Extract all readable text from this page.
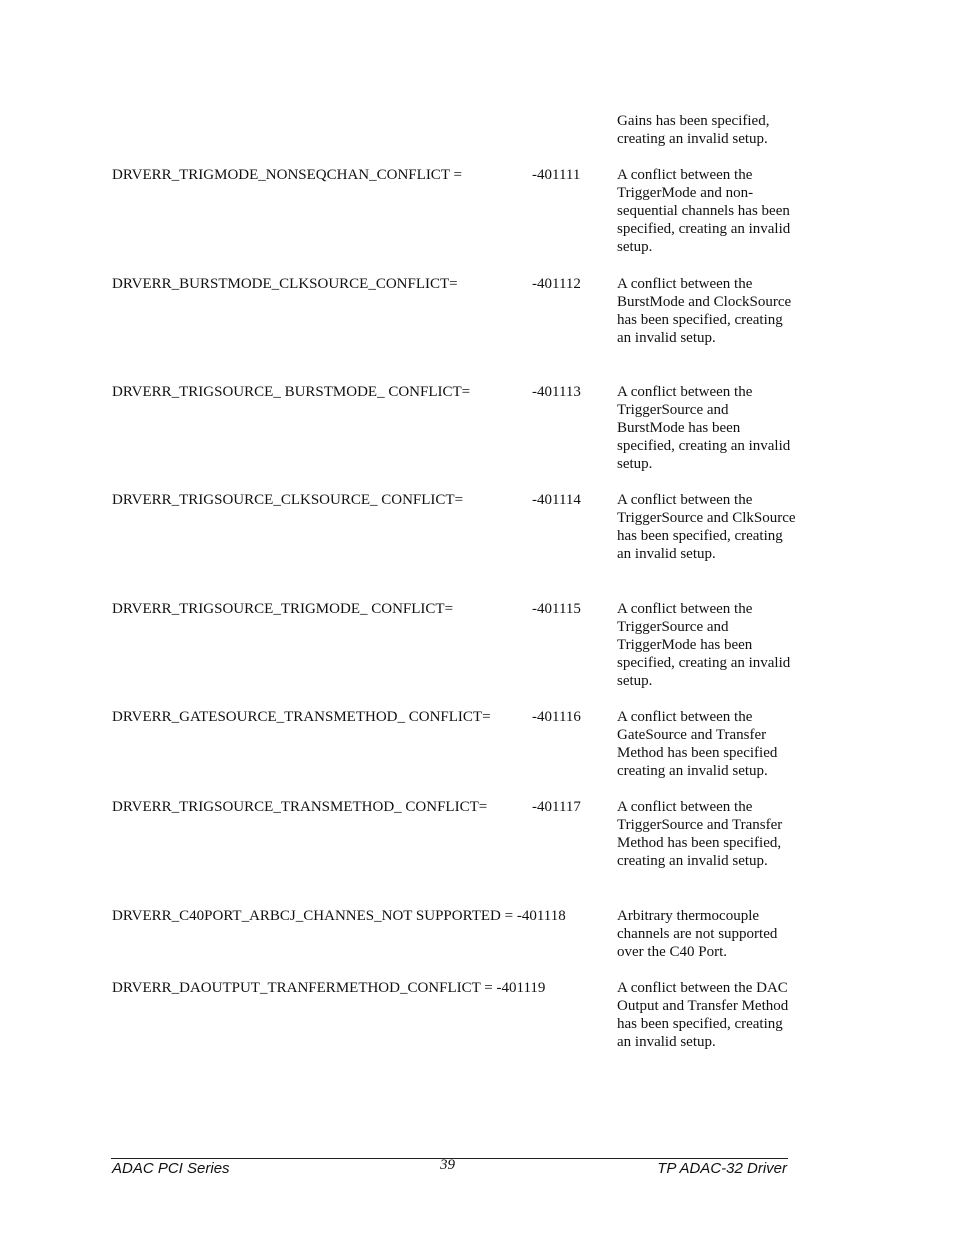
Gains has been specified, creating an invalid setup.
DRVERR_TRIGMODE_NONSEQCHAN_CONFLICT =	-401111 A conflict between the TriggerMode and non-sequential channels has been specified, creating an invalid setup.
DRVERR_BURSTMODE_CLKSOURCE_CONFLICT=	-401112 A conflict between the BurstMode and ClockSource has been specified, creating an invalid setup.
DRVERR_TRIGSOURCE_ BURSTMODE_ CONFLICT=	-401113 A conflict between the TriggerSource and BurstMode has been specified, creating an invalid setup.
DRVERR_TRIGSOURCE_CLKSOURCE_ CONFLICT=	-401114 A conflict between the TriggerSource and ClkSource has been specified, creating an invalid setup.
DRVERR_TRIGSOURCE_TRIGMODE_ CONFLICT=	-401115 A conflict between the TriggerSource and TriggerMode has been specified, creating an invalid setup.
DRVERR_GATESOURCE_TRANSMETHOD_ CONFLICT=	-401116 A conflict between the GateSource and Transfer Method has been specified creating an invalid setup.
DRVERR_TRIGSOURCE_TRANSMETHOD_ CONFLICT=	-401117 A conflict between the TriggerSource and Transfer Method has been specified, creating an invalid setup.
DRVERR_C40PORT_ARBCJ_CHANNES_NOT SUPPORTED = -401118	Arbitrary thermocouple channels are not supported over the C40 Port.
DRVERR_DAOUTPUT_TRANFERMETHOD_CONFLICT = -401119	A conflict between the DAC Output and Transfer Method has been specified, creating an invalid setup.
ADAC PCI Series	39	TP ADAC-32 Driver
